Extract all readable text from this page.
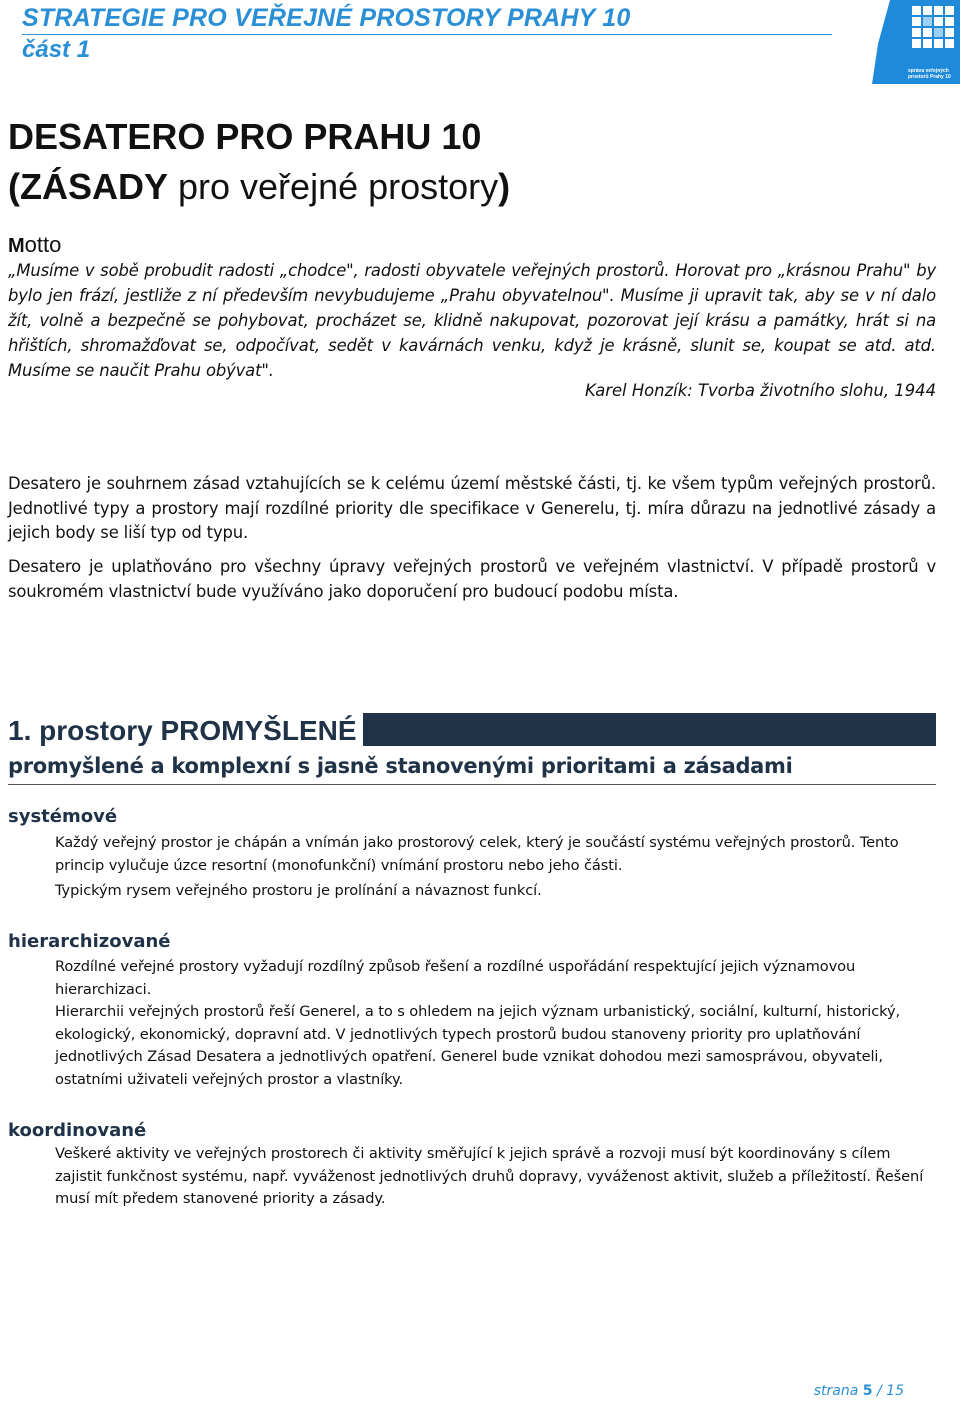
STRATEGIE PRO VEŘEJNÉ PROSTORY PRAHY 10
část 1
správa veřejných
prostorů Prahy 10
DESATERO PRO PRAHU 10
(ZÁSADY pro veřejné prostory)
Motto
„Musíme v sobě probudit radosti „chodce", radosti obyvatele veřejných prostorů. Horovat pro „krásnou Prahu" by bylo jen frází, jestliže z ní především nevybudujeme „Prahu obyvatelnou". Musíme ji upravit tak, aby se v ní dalo žít, volně a bezpečně se pohybovat, procházet se, klidně nakupovat, pozorovat její krásu a památky, hrát si na hřištích, shromažďovat se, odpočívat, sedět v kavárnách venku, když je krásně, slunit se, koupat se atd. atd. Musíme se naučit Prahu obývat".
Karel Honzík: Tvorba životního slohu, 1944
Desatero je souhrnem zásad vztahujících se k celému území městské části, tj. ke všem typům veřejných prostorů. Jednotlivé typy a prostory mají rozdílné priority dle specifikace v Generelu, tj. míra důrazu na jednotlivé zásady a jejich body se liší typ od typu.
Desatero je uplatňováno pro všechny úpravy veřejných prostorů ve veřejném vlastnictví. V případě prostorů v soukromém vlastnictví bude využíváno jako doporučení pro budoucí podobu místa.
1. prostory PROMYŠLENÉ
promyšlené a komplexní s jasně stanovenými prioritami a zásadami
systémové
Každý veřejný prostor je chápán a vnímán jako prostorový celek, který je součástí systému veřejných prostorů. Tento princip vylučuje úzce resortní (monofunkční) vnímání prostoru nebo jeho části.
Typickým rysem veřejného prostoru je prolínání a návaznost funkcí.
hierarchizované
Rozdílné veřejné prostory vyžadují rozdílný způsob řešení a rozdílné uspořádání respektující jejich významovou hierarchizaci.
Hierarchii veřejných prostorů řeší Generel, a to s ohledem na jejich význam urbanistický, sociální, kulturní, historický, ekologický, ekonomický, dopravní atd. V jednotlivých typech prostorů budou stanoveny priority pro uplatňování jednotlivých Zásad Desatera a jednotlivých opatření. Generel bude vznikat dohodou mezi samosprávou, obyvateli, ostatními uživateli veřejných prostor a vlastníky.
koordinované
Veškeré aktivity ve veřejných prostorech či aktivity směřující k jejich správě a rozvoji musí být koordinovány s cílem zajistit funkčnost systému, např. vyváženost jednotlivých druhů dopravy, vyváženost aktivit, služeb a příležitostí. Řešení musí mít předem stanovené priority a zásady.
strana 5 / 15
